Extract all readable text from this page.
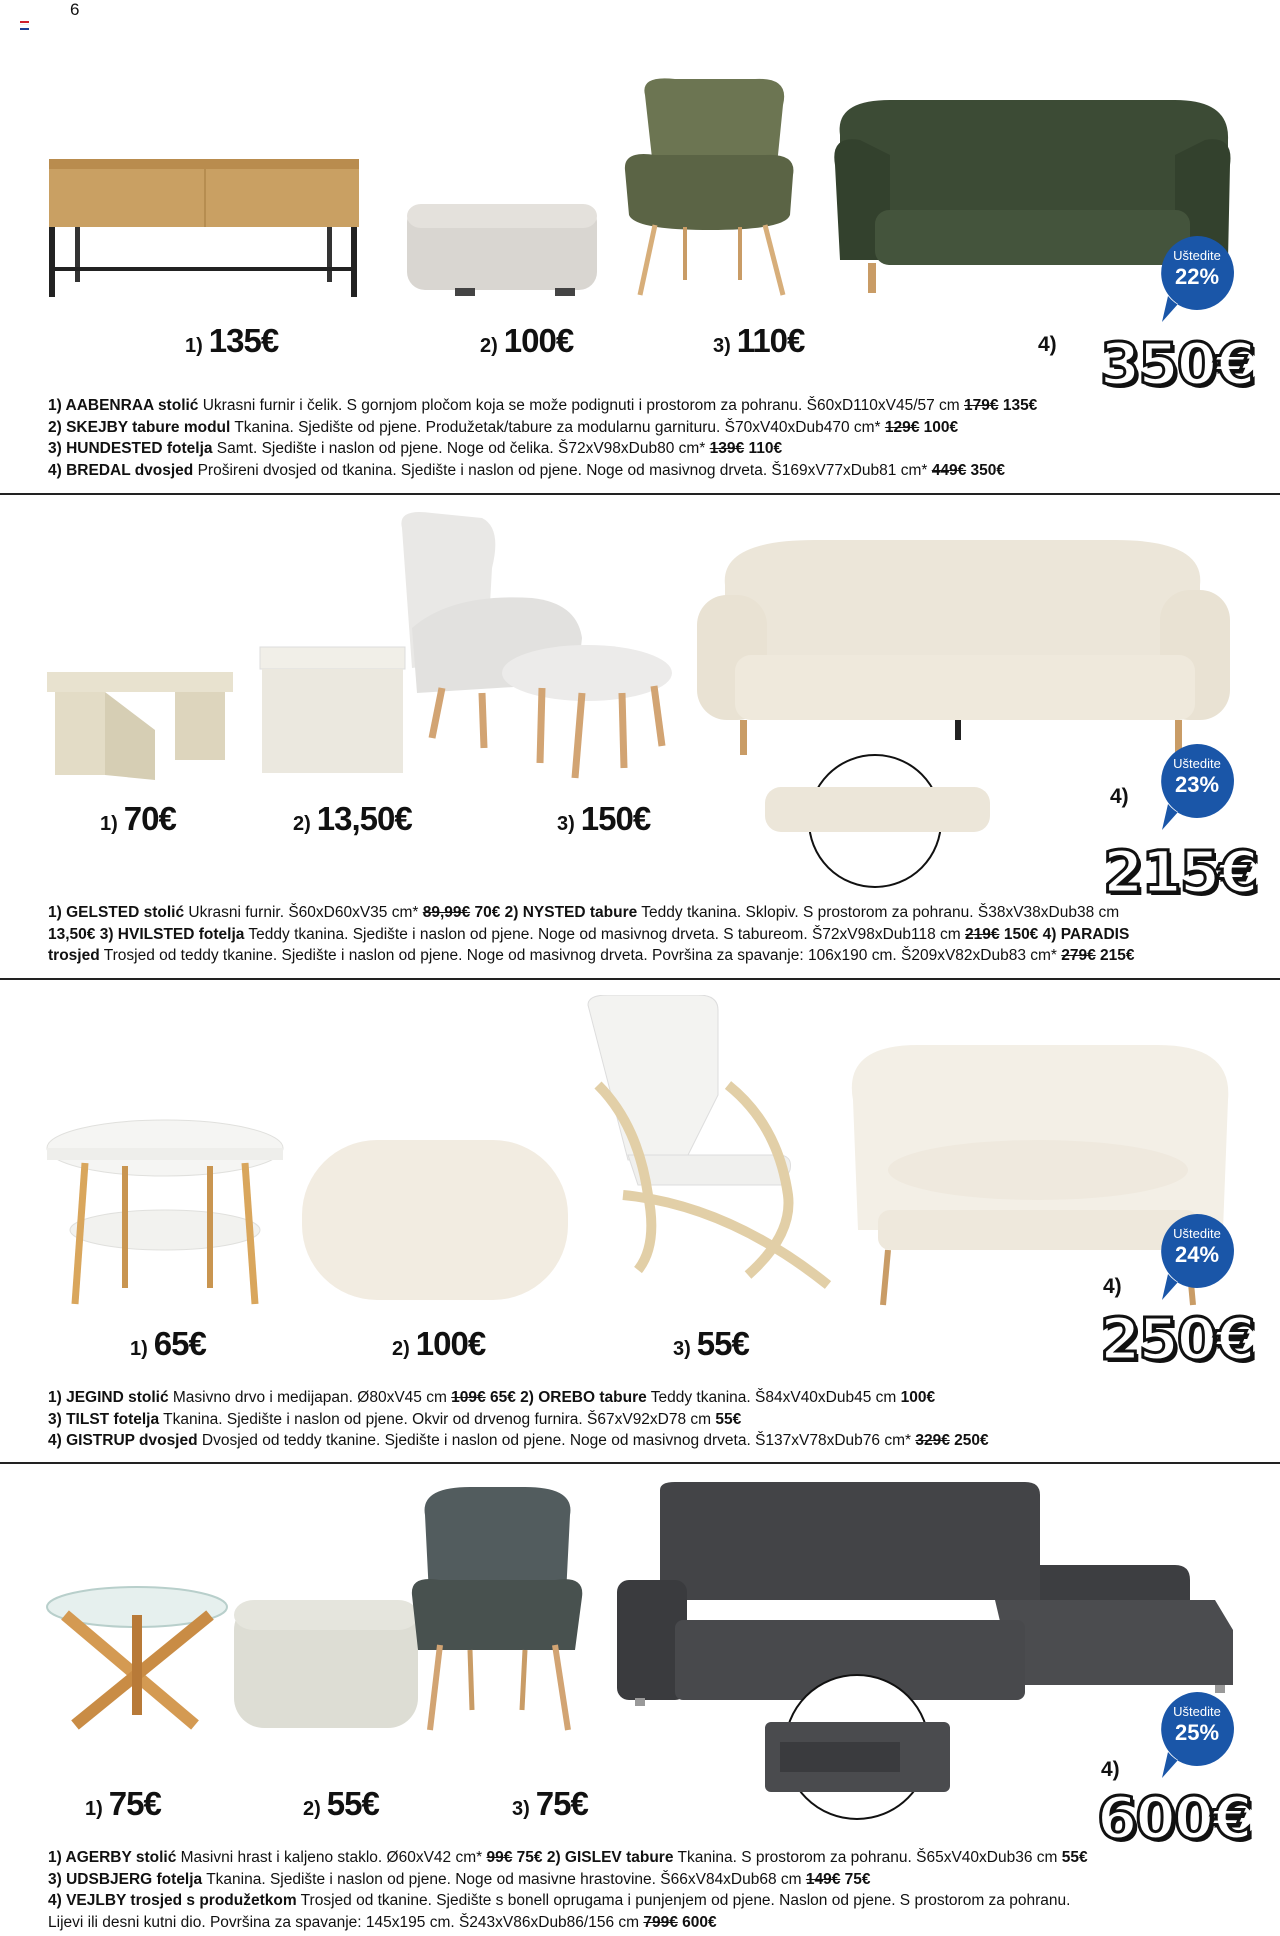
6
1) 135€	2) 100€	3) 110€	4) 350€
Uštedite
22%

1) AABENRAA stolić Ukrasni furnir i čelik. S gornjom pločom koja se može podignuti i prostorom za pohranu. Š60xD110xV45/57 cm 179€ 135€

2) SKEJBY tabure modul Tkanina. Sjedište od pjene. Produžetak/tabure za modularnu garnituru. Š70xV40xDub470 cm* 129€ 100€

3) HUNDESTED fotelja Samt. Sjedište i naslon od pjene. Noge od čelika. Š72xV98xDub80 cm* 139€ 110€

4) BREDAL dvosjed Prošireni dvosjed od tkanina. Sjedište i naslon od pjene. Noge od masivnog drveta. Š169xV77xDub81 cm* 449€ 350€

1) 70€	2) 13,50€	3) 150€
4)
215€
Uštedite
23%

1) GELSTED stolić Ukrasni furnir. Š60xD60xV35 cm* 89,99€ 70€ 2) NYSTED tabure Teddy tkanina. Sklopiv. S prostorom za pohranu. Š38xV38xDub38 cm

13,50€ 3) HVILSTED fotelja Teddy tkanina. Sjedište i naslon od pjene. Noge od masivnog drveta. S tabureom. Š72xV98xDub118 cm 219€ 150€ 4) PARADIS

trosjed Trosjed od teddy tkanine. Sjedište i naslon od pjene. Noge od masivnog drveta. Površina za spavanje: 106x190 cm. Š209xV82xDub83 cm* 279€ 215€

1) 65€	2) 100€	3) 55€
4)
250€
Uštedite
24%

1) JEGIND stolić Masivno drvo i medijapan. Ø80xV45 cm 109€ 65€ 2) OREBO tabure Teddy tkanina. Š84xV40xDub45 cm 100€

3) TILST fotelja Tkanina. Sjedište i naslon od pjene. Okvir od drvenog furnira. Š67xV92xD78 cm 55€

4) GISTRUP dvosjed Dvosjed od teddy tkanine. Sjedište i naslon od pjene. Noge od masivnog drveta. Š137xV78xDub76 cm* 329€ 250€

1) 75€	2) 55€	3) 75€
4)
600€
Uštedite
25%

1) AGERBY stolić Masivni hrast i kaljeno staklo. Ø60xV42 cm* 99€ 75€ 2) GISLEV tabure Tkanina. S prostorom za pohranu. Š65xV40xDub36 cm 55€

3) UDSBJERG fotelja Tkanina. Sjedište i naslon od pjene. Noge od masivne hrastovine. Š66xV84xDub68 cm 149€ 75€

4) VEJLBY trosjed s produžetkom Trosjed od tkanine. Sjedište s bonell oprugama i punjenjem od pjene. Naslon od pjene. S prostorom za pohranu.

Lijevi ili desni kutni dio. Površina za spavanje: 145x195 cm. Š243xV86xDub86/156 cm 799€ 600€
